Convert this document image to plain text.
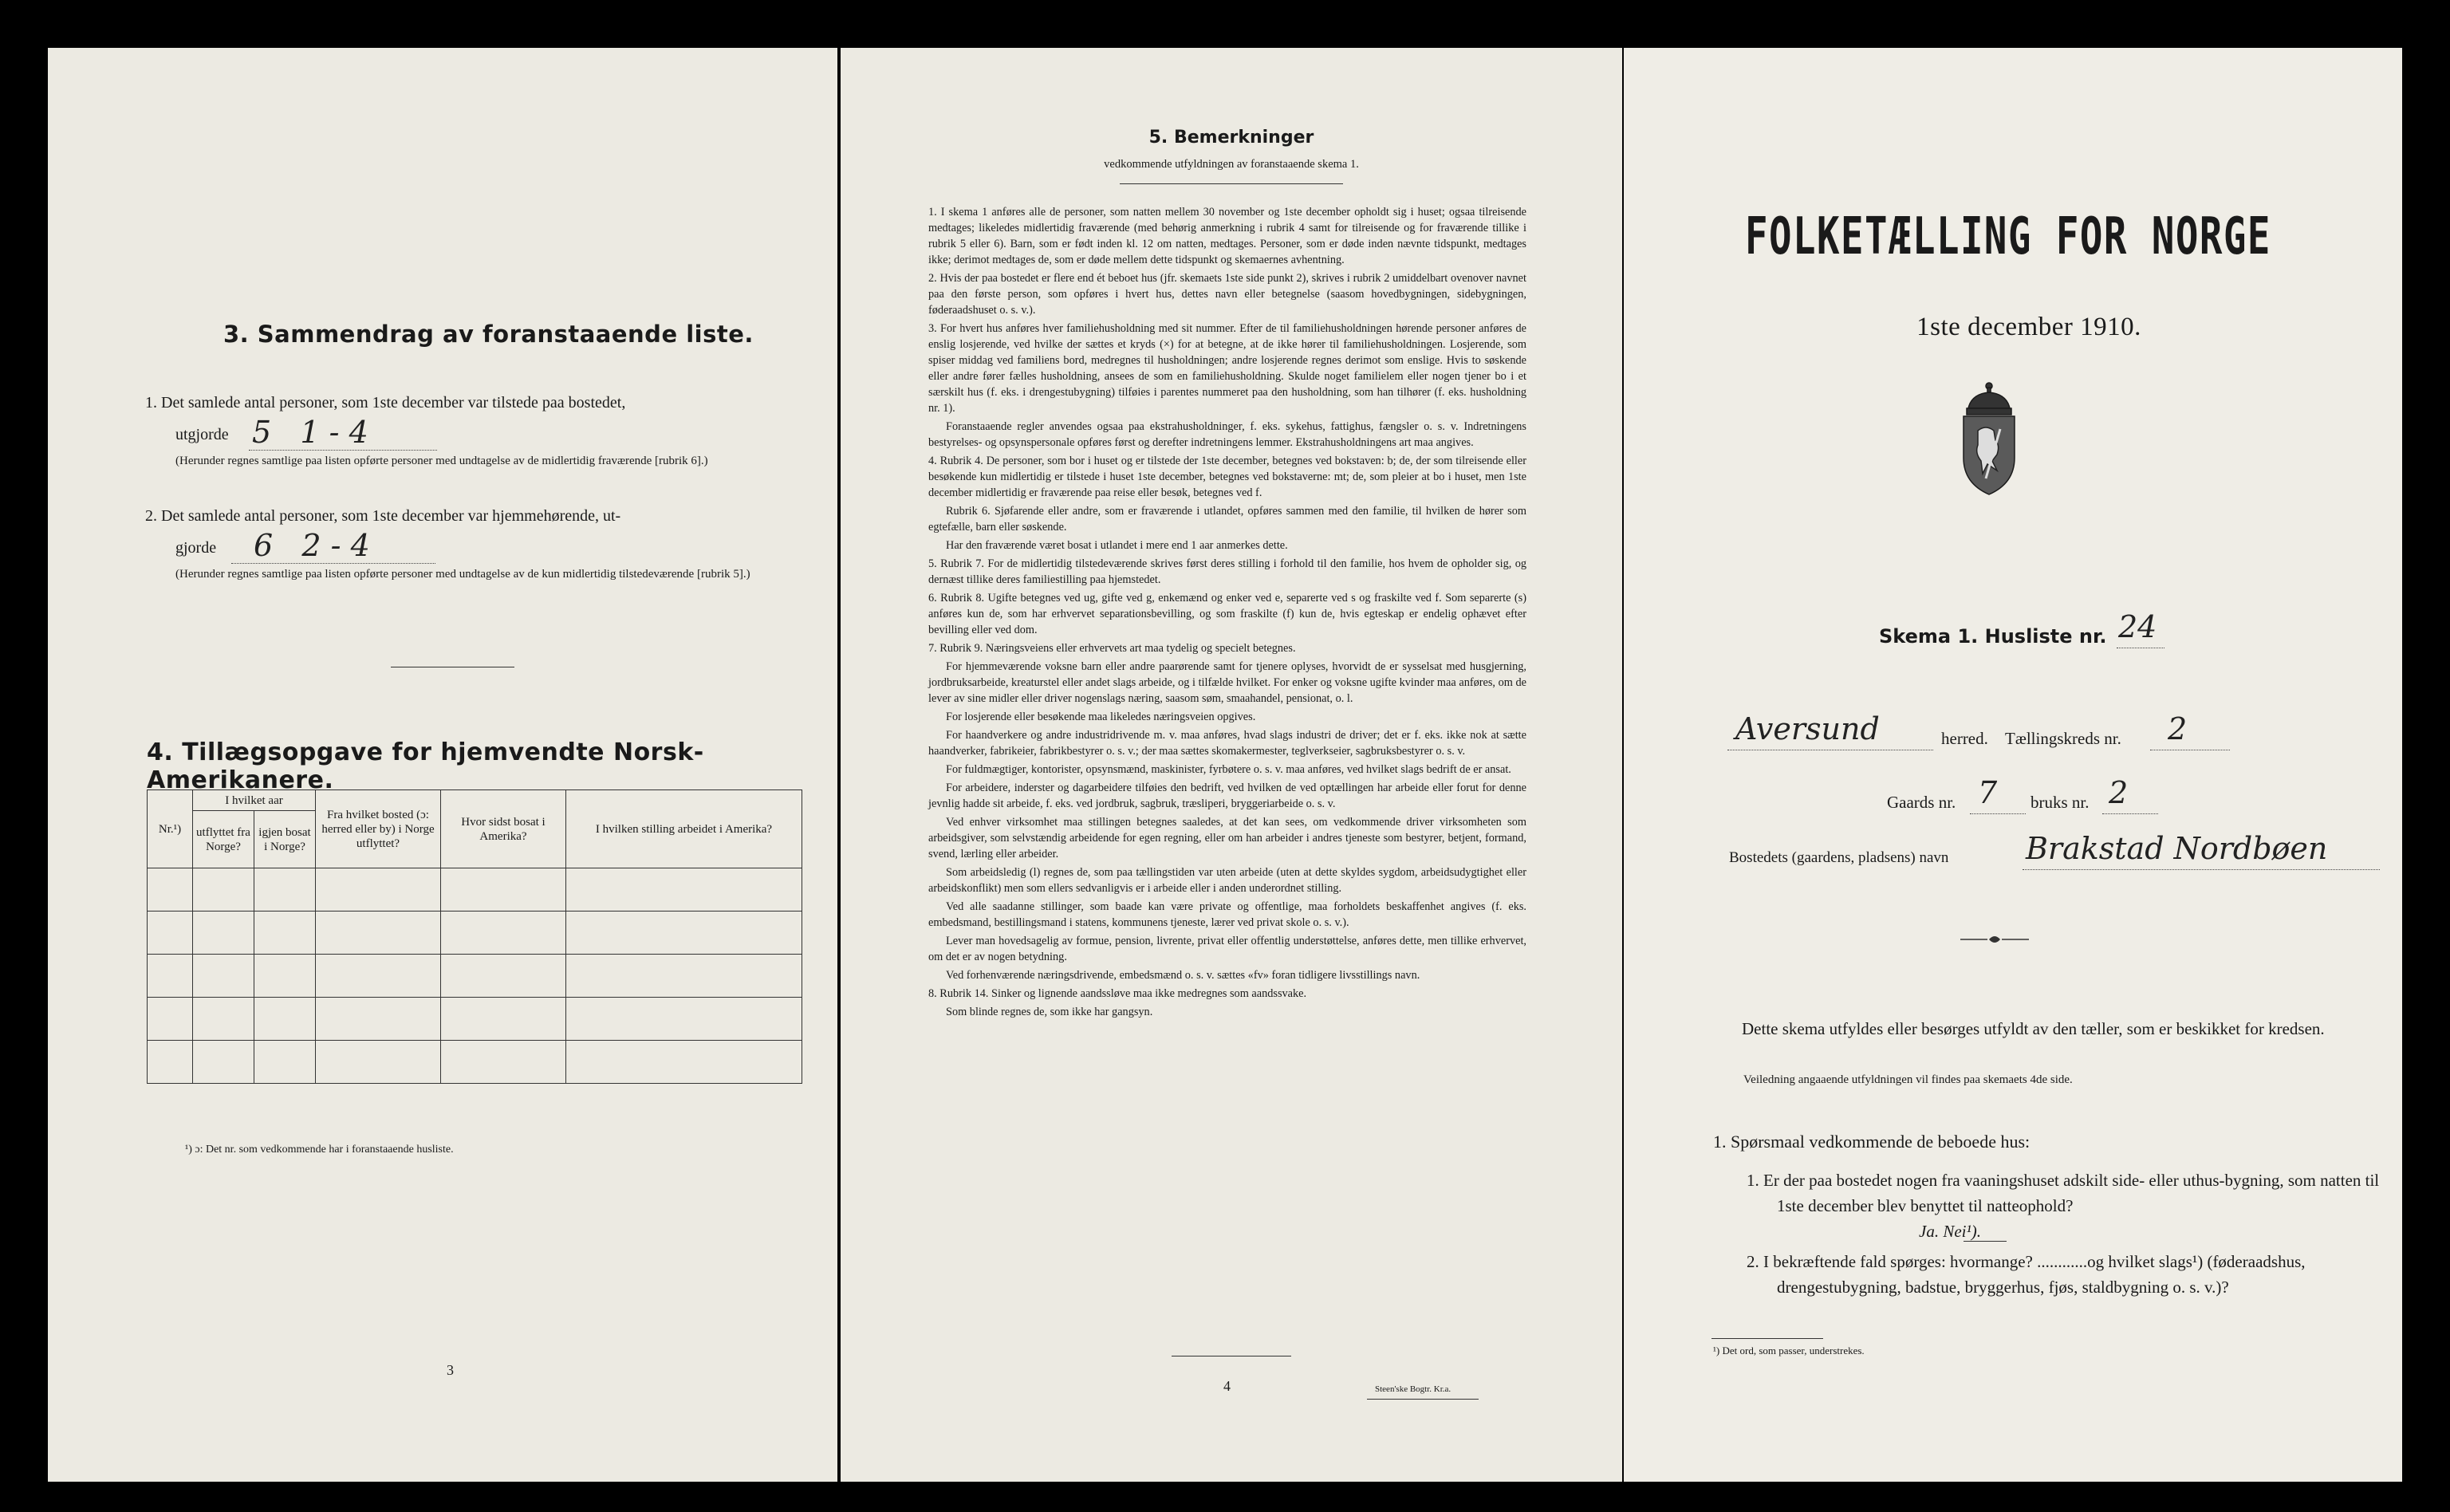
3. Sammendrag av foranstaaende liste.
1. Det samlede antal personer, som 1ste december var tilstede paa bostedet,
utgjorde 5   1 - 4
(Herunder regnes samtlige paa listen opførte personer med undtagelse av de midlertidig fraværende [rubrik 6].)
2. Det samlede antal personer, som 1ste december var hjemmehørende, ut-
gjorde 6   2 - 4
(Herunder regnes samtlige paa listen opførte personer med undtagelse av de kun midlertidig tilstedeværende [rubrik 5].)
4. Tillægsopgave for hjemvendte Norsk-Amerikanere.
Nr.¹)	I hvilket aar		Fra hvilket bosted (ɔ: herred eller by) i Norge utflyttet?	Hvor sidst bosat i Amerika?	I hvilken stilling arbeidet i Amerika?
	utflyttet fra Norge?	igjen bosat i Norge?			

¹) ɔ: Det nr. som vedkommende har i foranstaaende husliste.
3
5. Bemerkninger
vedkommende utfyldningen av foranstaaende skema 1.

1. I skema 1 anføres alle de personer, som natten mellem 30 november og 1ste december opholdt sig i huset; ogsaa tilreisende medtages; likeledes midlertidig fraværende (med behørig anmerkning i rubrik 4 samt for tilreisende og for fraværende tillike i rubrik 5 eller 6). Barn, som er født inden kl. 12 om natten, medtages. Personer, som er døde inden nævnte tidspunkt, medtages ikke; derimot medtages de, som er døde mellem dette tidspunkt og skemaernes avhentning.

2. Hvis der paa bostedet er flere end ét beboet hus (jfr. skemaets 1ste side punkt 2), skrives i rubrik 2 umiddelbart ovenover navnet paa den første person, som opføres i hvert hus, dettes navn eller betegnelse (saasom hovedbygningen, sidebygningen, føderaadshuset o. s. v.).

3. For hvert hus anføres hver familiehusholdning med sit nummer. Efter de til familiehusholdningen hørende personer anføres de enslig losjerende, ved hvilke der sættes et kryds (×) for at betegne, at de ikke hører til familiehusholdningen. Losjerende, som spiser middag ved familiens bord, medregnes til husholdningen; andre losjerende regnes derimot som enslige. Hvis to søskende eller andre fører fælles husholdning, ansees de som en familiehusholdning. Skulde noget familielem eller nogen tjener bo i et særskilt hus (f. eks. i drengestubygning) tilføies i parentes nummeret paa den husholdning, som han tilhører (f. eks. husholdning nr. 1).

Foranstaaende regler anvendes ogsaa paa ekstrahusholdninger, f. eks. sykehus, fattighus, fængsler o. s. v. Indretningens bestyrelses- og opsynspersonale opføres først og derefter indretningens lemmer. Ekstrahusholdningens art maa angives.

4. Rubrik 4. De personer, som bor i huset og er tilstede der 1ste december, betegnes ved bokstaven: b; de, der som tilreisende eller besøkende kun midlertidig er tilstede i huset 1ste december, betegnes ved bokstaverne: mt; de, som pleier at bo i huset, men 1ste december midlertidig er fraværende paa reise eller besøk, betegnes ved f.

Rubrik 6. Sjøfarende eller andre, som er fraværende i utlandet, opføres sammen med den familie, til hvilken de hører som egtefælle, barn eller søskende.

Har den fraværende været bosat i utlandet i mere end 1 aar anmerkes dette.

5. Rubrik 7. For de midlertidig tilstedeværende skrives først deres stilling i forhold til den familie, hos hvem de opholder sig, og dernæst tillike deres familiestilling paa hjemstedet.

6. Rubrik 8. Ugifte betegnes ved ug, gifte ved g, enkemænd og enker ved e, separerte ved s og fraskilte ved f. Som separerte (s) anføres kun de, som har erhvervet separationsbevilling, og som fraskilte (f) kun de, hvis egteskap er endelig ophævet efter bevilling eller ved dom.

7. Rubrik 9. Næringsveiens eller erhvervets art maa tydelig og specielt betegnes.

For hjemmeværende voksne barn eller andre paarørende samt for tjenere oplyses, hvorvidt de er sysselsat med husgjerning, jordbruksarbeide, kreaturstel eller andet slags arbeide, og i tilfælde hvilket. For enker og voksne ugifte kvinder maa anføres, om de lever av sine midler eller driver nogenslags næring, saasom søm, smaahandel, pensionat, o. l.

For losjerende eller besøkende maa likeledes næringsveien opgives.

For haandverkere og andre industridrivende m. v. maa anføres, hvad slags industri de driver; det er f. eks. ikke nok at sætte haandverker, fabrikeier, fabrikbestyrer o. s. v.; der maa sættes skomakermester, teglverkseier, sagbruksbestyrer o. s. v.

For fuldmægtiger, kontorister, opsynsmænd, maskinister, fyrbøtere o. s. v. maa anføres, ved hvilket slags bedrift de er ansat.

For arbeidere, inderster og dagarbeidere tilføies den bedrift, ved hvilken de ved optællingen har arbeide eller forut for denne jevnlig hadde sit arbeide, f. eks. ved jordbruk, sagbruk, træsliperi, bryggeriarbeide o. s. v.

Ved enhver virksomhet maa stillingen betegnes saaledes, at det kan sees, om vedkommende driver virksomheten som arbeidsgiver, som selvstændig arbeidende for egen regning, eller om han arbeider i andres tjeneste som bestyrer, betjent, formand, svend, lærling eller arbeider.

Som arbeidsledig (l) regnes de, som paa tællingstiden var uten arbeide (uten at dette skyldes sygdom, arbeidsudygtighet eller arbeidskonflikt) men som ellers sedvanligvis er i arbeide eller i anden underordnet stilling.

Ved alle saadanne stillinger, som baade kan være private og offentlige, maa forholdets beskaffenhet angives (f. eks. embedsmand, bestillingsmand i statens, kommunens tjeneste, lærer ved privat skole o. s. v.).

Lever man hovedsagelig av formue, pension, livrente, privat eller offentlig understøttelse, anføres dette, men tillike erhvervet, om det er av nogen betydning.

Ved forhenværende næringsdrivende, embedsmænd o. s. v. sættes «fv» foran tidligere livsstillings navn.

8. Rubrik 14. Sinker og lignende aandssløve maa ikke medregnes som aandssvake.

Som blinde regnes de, som ikke har gangsyn.

4	Steen'ske Bogtr. Kr.a.
FOLKETÆLLING FOR NORGE
1ste december 1910.
Skema 1. Husliste nr. 24
Aversund	herred. Tællingskreds nr. 2
Gaards nr. 7 bruks nr. 2
Bostedets (gaardens, pladsens) navn	Brakstad Nordbøen
Dette skema utfyldes eller besørges utfyldt av den tæller, som er beskikket for kredsen.
Veiledning angaaende utfyldningen vil findes paa skemaets 4de side.
1. Spørsmaal vedkommende de beboede hus:
1. Er der paa bostedet nogen fra vaaningshuset adskilt side- eller uthus-bygning, som natten til 1ste december blev benyttet til natteophold?
Ja. Nei¹).
2. I bekræftende fald spørges: hvormange? ............og hvilket slags¹) (føderaadshus, drengestubygning, badstue, bryggerhus, fjøs, staldbygning o. s. v.)?
¹) Det ord, som passer, understrekes.
